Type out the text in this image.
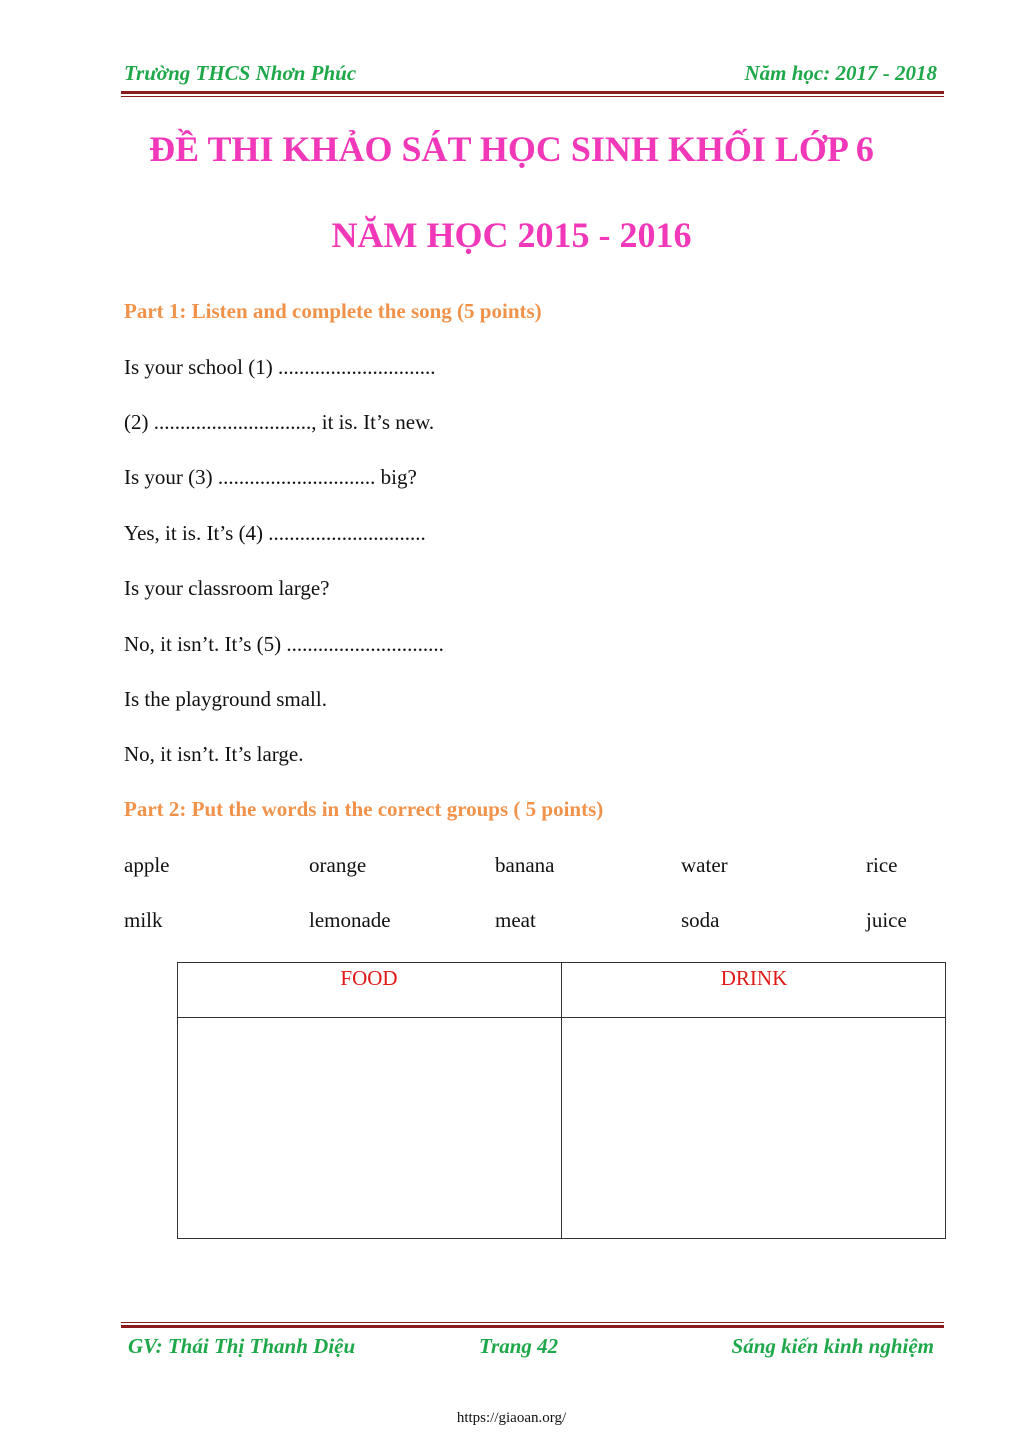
Trường THCS Nhơn Phúc	Năm học: 2017 - 2018
ĐỀ THI KHẢO SÁT HỌC SINH KHỐI LỚP 6
NĂM HỌC 2015 - 2016
Part 1: Listen and complete the song (5 points)
Is your school (1) ..............................
(2) .............................., it is. It’s new.
Is your (3) .............................. big?
Yes, it is. It’s (4) ..............................
Is your classroom large?
No, it isn’t. It’s (5) ..............................
Is the playground small.
No, it isn’t. It’s large.
Part 2: Put the words in the correct groups ( 5 points)
apple	orange	banana	water	rice
milk	lemonade	meat	soda	juice
FOOD	DRINK
GV: Thái Thị Thanh Diệu	Trang 42	Sáng kiến kinh nghiệm
https://giaoan.org/
